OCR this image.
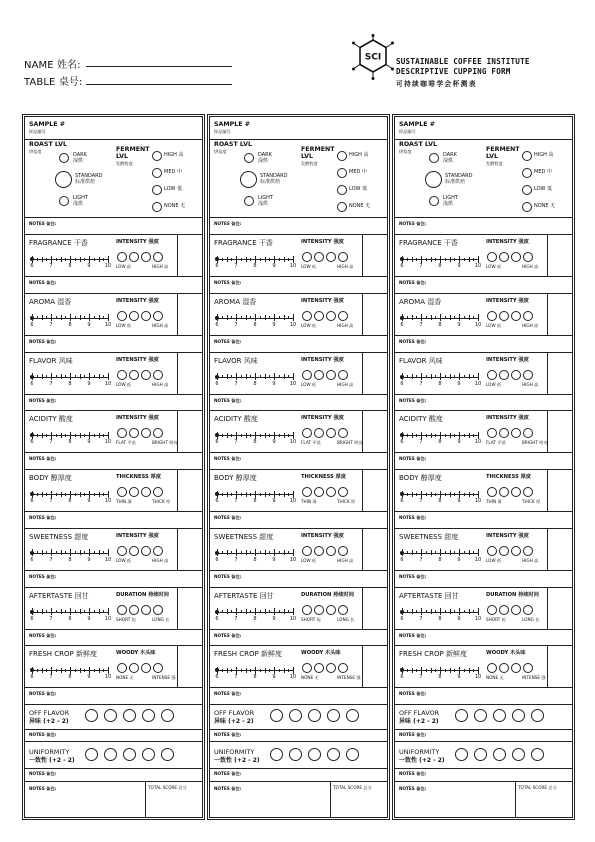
NAME 姓名:
TABLE 桌号:
SCI SUSTAINABLE COFFEE INSTITUTE
DESCRIPTIVE CUPPING FORM
可持续咖啡学会杯测表
SAMPLE #
样品编号
ROAST LVL
烘焙度
DARK
深烘
STANDARD
标准烘焙
LIGHT
浅烘
FERMENT
LVL
发酵程度
HIGH 高
MED 中
LOW 低
NONE 无
NOTES 备注:
FRAGRANCE 干香	INTENSITY 强度
6	7	8	9	10 LOW 低	HIGH 高
NOTES 备注:
AROMA 湿香	INTENSITY 强度
6	7	8	9	10 LOW 低	HIGH 高
NOTES 备注:
FLAVOR 风味	INTENSITY 强度
6	7	8	9	10 LOW 低	HIGH 高
NOTES 备注:
ACIDITY 酸度	INTENSITY 强度
6	7	8	9	10 FLAT 平淡	BRIGHT 明亮
NOTES 备注:
BODY 醇厚度	THICKNESS 厚度
6	7	8	9	10 THIN 薄	THICK 厚
NOTES 备注:
SWEETNESS 甜度	INTENSITY 强度
6	7	8	9	10 LOW 低	HIGH 高
NOTES 备注:
AFTERTASTE 回甘	DURATION 持续时间
6	7	8	9	10 SHORT 短	LONG 长
NOTES 备注:
FRESH CROP 新鲜度	WOODY 木头味
6	7	8	9	10 NONE 无	INTENSE 强
NOTES 备注:
OFF FLAVOR
异味 (+2 - 2)
NOTES 备注:
UNIFORMITY
一致性 (+2 - 2)
NOTES 备注:
NOTES 备注:	TOTAL SCORE 总分
SAMPLE #
样品编号
ROAST LVL
烘焙度
DARK
深烘
STANDARD
标准烘焙
LIGHT
浅烘
FERMENT
LVL
发酵程度
HIGH 高
MED 中
LOW 低
NONE 无
NOTES 备注:
FRAGRANCE 干香	INTENSITY 强度
6	7	8	9	10 LOW 低	HIGH 高
NOTES 备注:
AROMA 湿香	INTENSITY 强度
6	7	8	9	10 LOW 低	HIGH 高
NOTES 备注:
FLAVOR 风味	INTENSITY 强度
6	7	8	9	10 LOW 低	HIGH 高
NOTES 备注:
ACIDITY 酸度	INTENSITY 强度
6	7	8	9	10 FLAT 平淡	BRIGHT 明亮
NOTES 备注:
BODY 醇厚度	THICKNESS 厚度
6	7	8	9	10 THIN 薄	THICK 厚
NOTES 备注:
SWEETNESS 甜度	INTENSITY 强度
6	7	8	9	10 LOW 低	HIGH 高
NOTES 备注:
AFTERTASTE 回甘	DURATION 持续时间
6	7	8	9	10 SHORT 短	LONG 长
NOTES 备注:
FRESH CROP 新鲜度	WOODY 木头味
6	7	8	9	10 NONE 无	INTENSE 强
NOTES 备注:
OFF FLAVOR
异味 (+2 - 2)
NOTES 备注:
UNIFORMITY
一致性 (+2 - 2)
NOTES 备注:
NOTES 备注:	TOTAL SCORE 总分
SAMPLE #
样品编号
ROAST LVL
烘焙度
DARK
深烘
STANDARD
标准烘焙
LIGHT
浅烘
FERMENT
LVL
发酵程度
HIGH 高
MED 中
LOW 低
NONE 无
NOTES 备注:
FRAGRANCE 干香	INTENSITY 强度
6	7	8	9	10 LOW 低	HIGH 高
NOTES 备注:
AROMA 湿香	INTENSITY 强度
6	7	8	9	10 LOW 低	HIGH 高
NOTES 备注:
FLAVOR 风味	INTENSITY 强度
6	7	8	9	10 LOW 低	HIGH 高
NOTES 备注:
ACIDITY 酸度	INTENSITY 强度
6	7	8	9	10 FLAT 平淡	BRIGHT 明亮
NOTES 备注:
BODY 醇厚度	THICKNESS 厚度
6	7	8	9	10 THIN 薄	THICK 厚
NOTES 备注:
SWEETNESS 甜度	INTENSITY 强度
6	7	8	9	10 LOW 低	HIGH 高
NOTES 备注:
AFTERTASTE 回甘	DURATION 持续时间
6	7	8	9	10 SHORT 短	LONG 长
NOTES 备注:
FRESH CROP 新鲜度	WOODY 木头味
6	7	8	9	10 NONE 无	INTENSE 强
NOTES 备注:
OFF FLAVOR
异味 (+2 - 2)
NOTES 备注:
UNIFORMITY
一致性 (+2 - 2)
NOTES 备注:
NOTES 备注:	TOTAL SCORE 总分
